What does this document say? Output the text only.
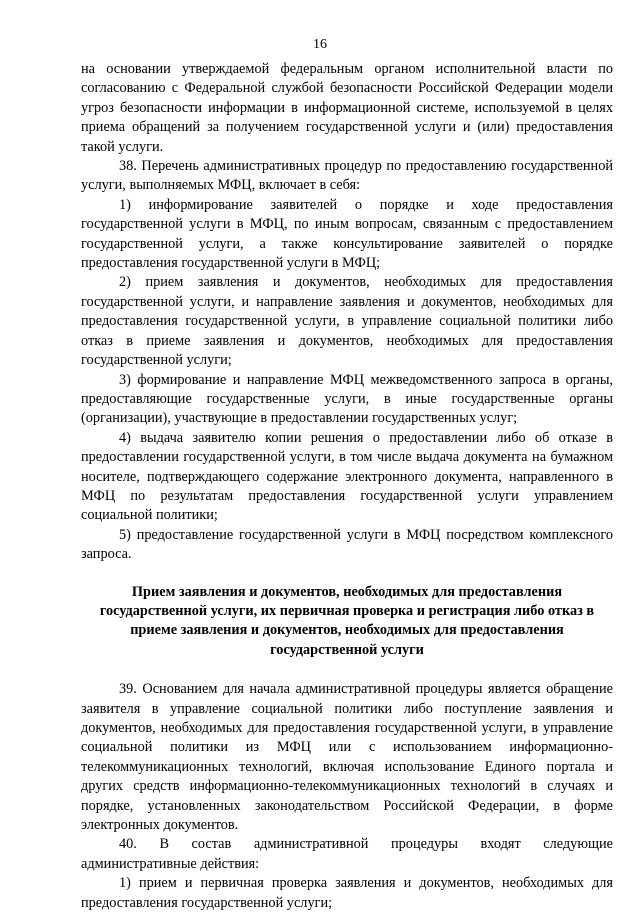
16

на основании утверждаемой федеральным органом исполнительной власти по согласованию с Федеральной службой безопасности Российской Федерации модели угроз безопасности информации в информационной системе, используемой в целях приема обращений за получением государственной услуги и (или) предоставления такой услуги.

38. Перечень административных процедур по предоставлению государственной услуги, выполняемых МФЦ, включает в себя:

1) информирование заявителей о порядке и ходе предоставления государственной услуги в МФЦ, по иным вопросам, связанным с предоставлением государственной услуги, а также консультирование заявителей о порядке предоставления государственной услуги в МФЦ;

2) прием заявления и документов, необходимых для предоставления государственной услуги, и направление заявления и документов, необходимых для предоставления государственной услуги, в управление социальной политики либо отказ в приеме заявления и документов, необходимых для предоставления государственной услуги;

3) формирование и направление МФЦ межведомственного запроса в органы, предоставляющие государственные услуги, в иные государственные органы (организации), участвующие в предоставлении государственных услуг;

4) выдача заявителю копии решения о предоставлении либо об отказе в предоставлении государственной услуги, в том числе выдача документа на бумажном носителе, подтверждающего содержание электронного документа, направленного в МФЦ по результатам предоставления государственной услуги управлением социальной политики;

5) предоставление государственной услуги в МФЦ посредством комплексного запроса.

Прием заявления и документов, необходимых для предоставления государственной услуги, их первичная проверка и регистрация либо отказ в приеме заявления и документов, необходимых для предоставления государственной услуги

39. Основанием для начала административной процедуры является обращение заявителя в управление социальной политики либо поступление заявления и документов, необходимых для предоставления государственной услуги, в управление социальной политики из МФЦ или с использованием информационно-телекоммуникационных технологий, включая использование Единого портала и других средств информационно-телекоммуникационных технологий в случаях и порядке, установленных законодательством Российской Федерации, в форме электронных документов.

40. В состав административной процедуры входят следующие административные действия:

1) прием и первичная проверка заявления и документов, необходимых для предоставления государственной услуги;
